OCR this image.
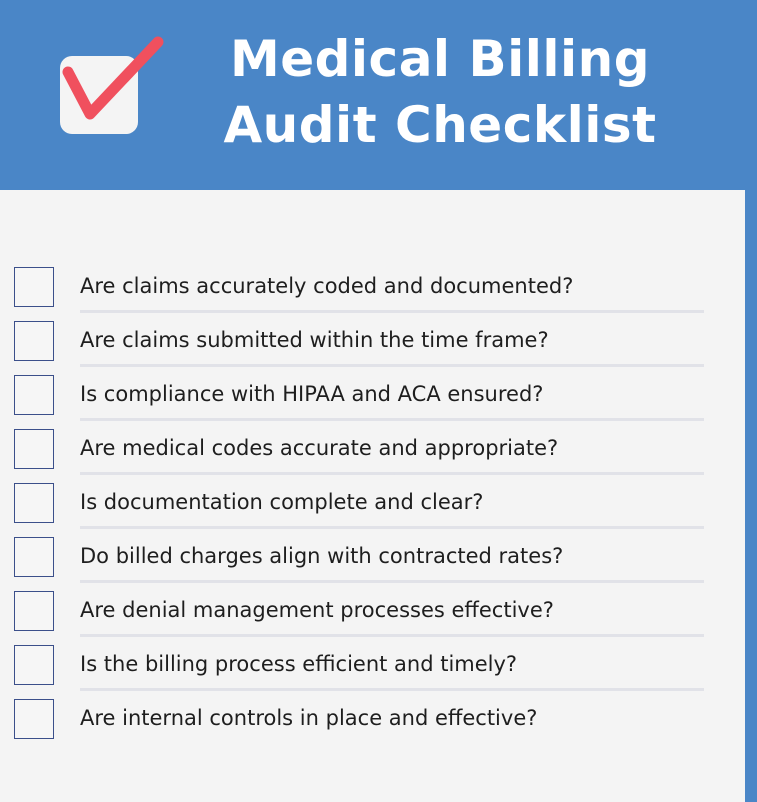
Medical Billing
Audit Checklist
Are claims accurately coded and documented?
Are claims submitted within the time frame?
Is compliance with HIPAA and ACA ensured?
Are medical codes accurate and appropriate?
Is documentation complete and clear?
Do billed charges align with contracted rates?
Are denial management processes effective?
Is the billing process efficient and timely?
Are internal controls in place and effective?
